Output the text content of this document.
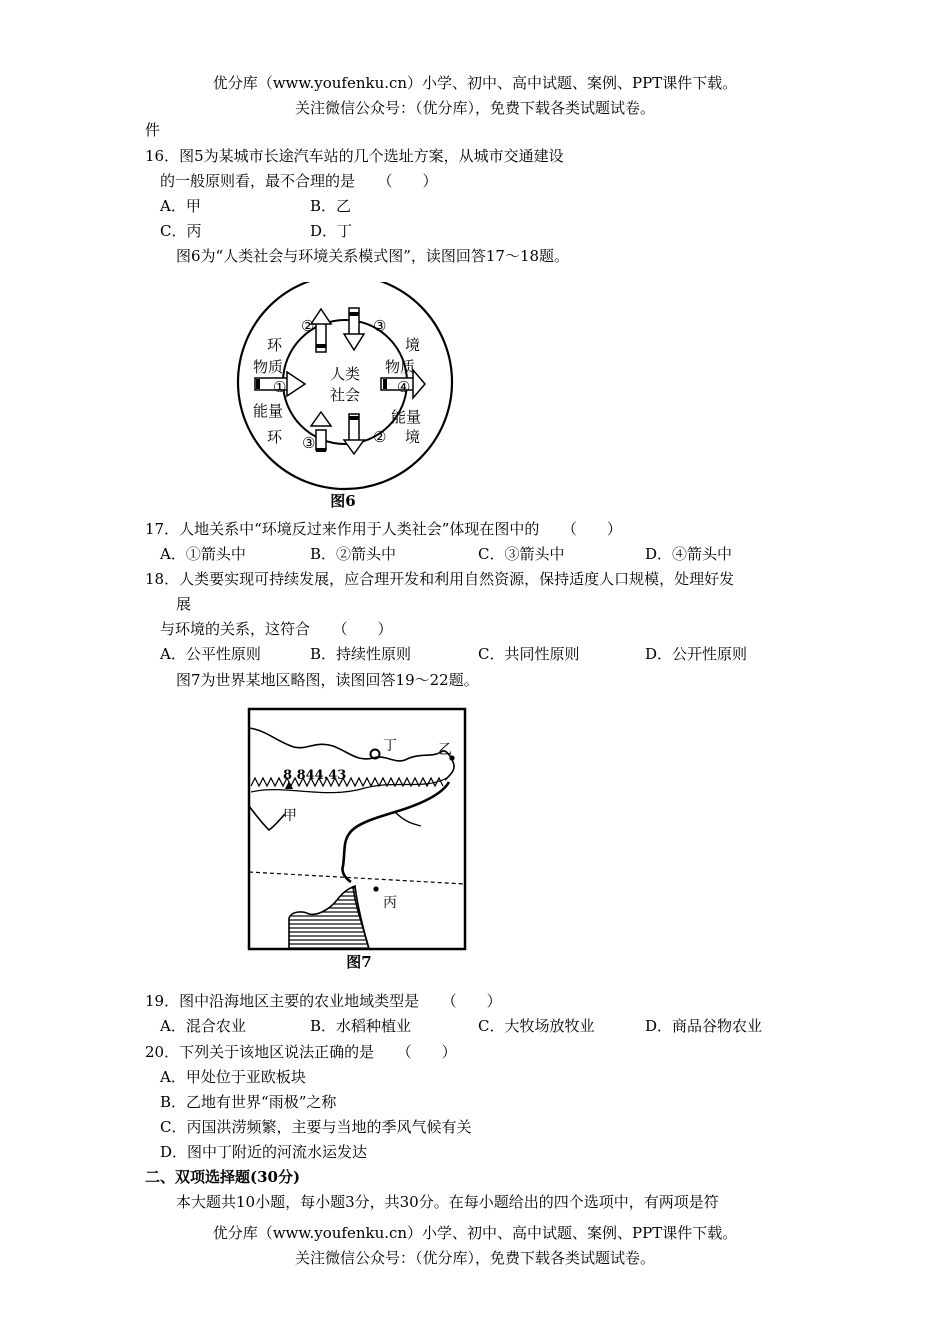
优分库（www.youfenku.cn）小学、初中、高中试题、案例、PPT课件下载。
关注微信公众号：（优分库），免费下载各类试题试卷。
件
16．图5为某城市长途汽车站的几个选址方案，从城市交通建设
的一般原则看，最不合理的是　　（　　）
A．甲	B．乙
C．丙	D．丁
图6为“人类社会与环境关系模式图”，读图回答17～18题。
人类
社会
环
环
境
境
物质
能量
物质
能量
②	③
①	④
③	②
图6
17．人地关系中“环境反过来作用于人类社会”体现在图中的　　（　　）
A．①箭头中	B．②箭头中	C．③箭头中	D．④箭头中
18．人类要实现可持续发展，应合理开发和利用自然资源，保持适度人口规模，处理好发
展
与环境的关系，这符合　　（　　）
A．公平性原则	B．持续性原则	C．共同性原则	D．公开性原则
图7为世界某地区略图，读图回答19～22题。
8 844.43
丁	乙
甲
丙
图7
19．图中沿海地区主要的农业地域类型是　　（　　）
A．混合农业	B．水稻种植业	C．大牧场放牧业	D．商品谷物农业
20．下列关于该地区说法正确的是　　（　　）
A．甲处位于亚欧板块
B．乙地有世界“雨极”之称
C．丙国洪涝频繁，主要与当地的季风气候有关
D．图中丁附近的河流水运发达
二、双项选择题(30分)
本大题共10小题，每小题3分，共30分。在每小题给出的四个选项中，有两项是符
优分库（www.youfenku.cn）小学、初中、高中试题、案例、PPT课件下载。
关注微信公众号：（优分库），免费下载各类试题试卷。
